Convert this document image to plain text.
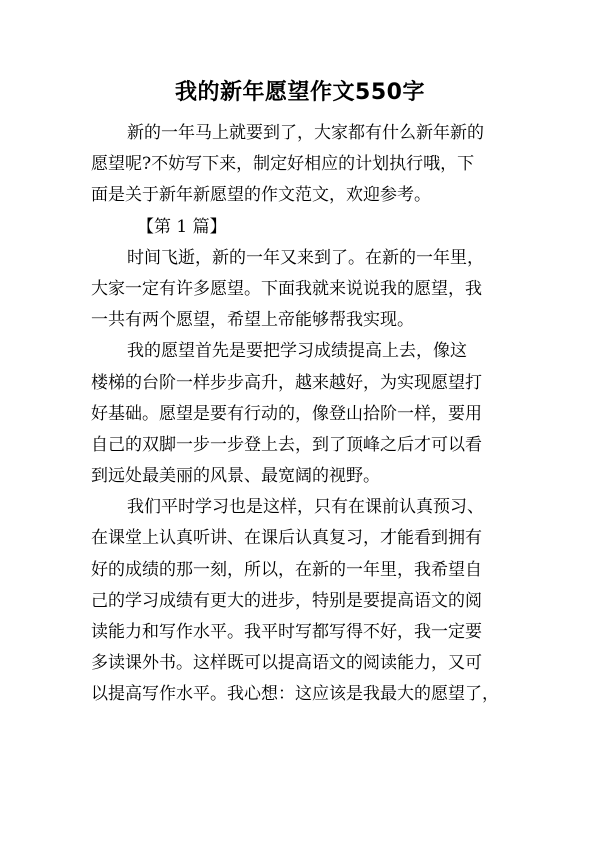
我的新年愿望作文550字

新的一年马上就要到了，大家都有什么新年新的
愿望呢?不妨写下来，制定好相应的计划执行哦，下
面是关于新年新愿望的作文范文，欢迎参考。

【第 1 篇】

时间飞逝，新的一年又来到了。在新的一年里，
大家一定有许多愿望。下面我就来说说我的愿望，我
一共有两个愿望，希望上帝能够帮我实现。

我的愿望首先是要把学习成绩提高上去，像这
楼梯的台阶一样步步高升，越来越好，为实现愿望打
好基础。愿望是要有行动的，像登山拾阶一样，要用
自己的双脚一步一步登上去，到了顶峰之后才可以看
到远处最美丽的风景、最宽阔的视野。

我们平时学习也是这样，只有在课前认真预习、
在课堂上认真听讲、在课后认真复习，才能看到拥有
好的成绩的那一刻，所以，在新的一年里，我希望自
己的学习成绩有更大的进步，特别是要提高语文的阅
读能力和写作水平。我平时写都写得不好，我一定要
多读课外书。这样既可以提高语文的阅读能力，又可
以提高写作水平。我心想：这应该是我最大的愿望了，
